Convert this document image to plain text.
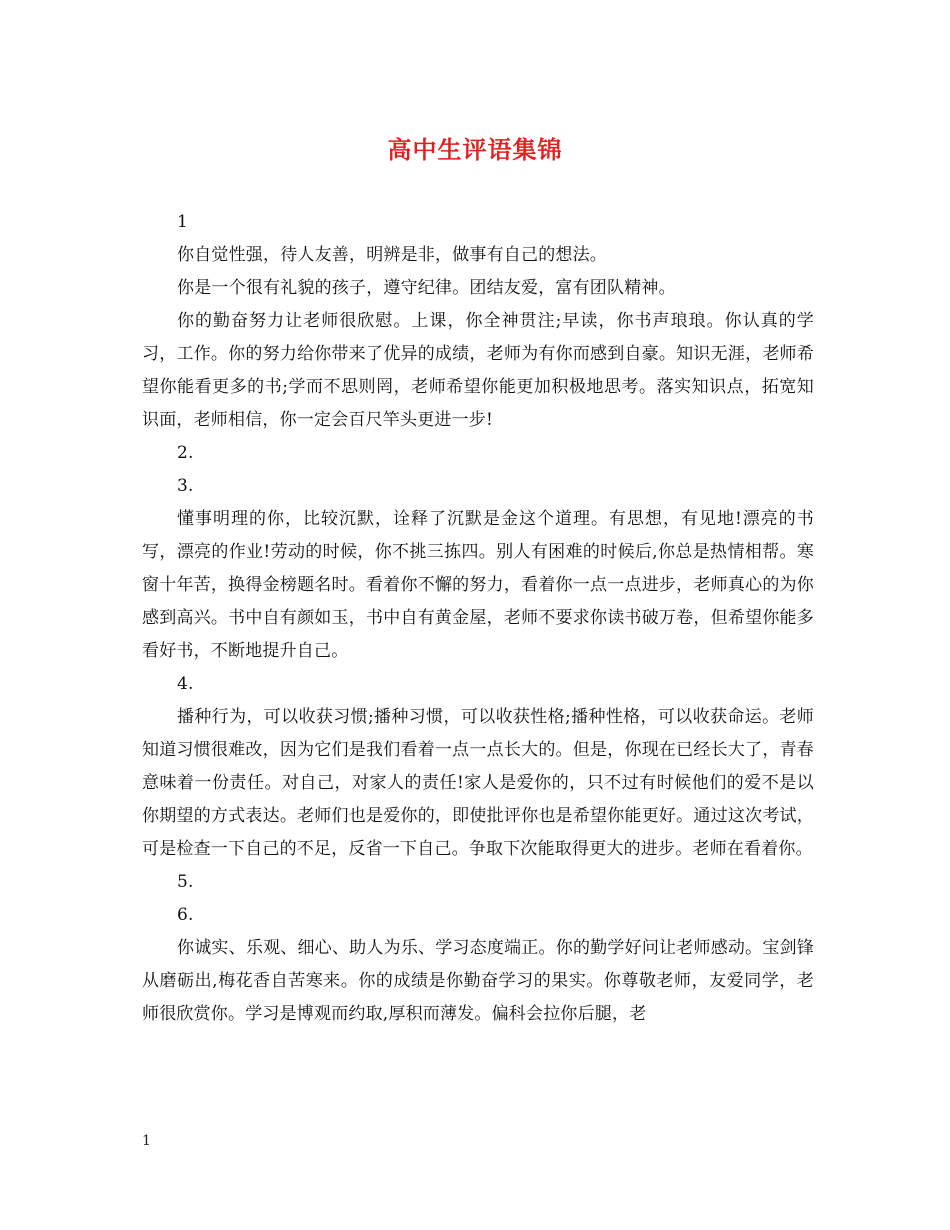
高中生评语集锦

1

你自觉性强，待人友善，明辨是非，做事有自己的想法。

你是一个很有礼貌的孩子，遵守纪律。团结友爱，富有团队精神。

你的勤奋努力让老师很欣慰。上课，你全神贯注;早读，你书声琅琅。你认真的学习，工作。你的努力给你带来了优异的成绩，老师为有你而感到自豪。知识无涯，老师希望你能看更多的书;学而不思则罔，老师希望你能更加积极地思考。落实知识点，拓宽知识面，老师相信，你一定会百尺竿头更进一步!

2.

3.

懂事明理的你，比较沉默，诠释了沉默是金这个道理。有思想，有见地!漂亮的书写，漂亮的作业!劳动的时候，你不挑三拣四。别人有困难的时候后,你总是热情相帮。寒窗十年苦，换得金榜题名时。看着你不懈的努力，看着你一点一点进步，老师真心的为你感到高兴。书中自有颜如玉，书中自有黄金屋，老师不要求你读书破万卷，但希望你能多看好书，不断地提升自己。

4.

播种行为，可以收获习惯;播种习惯，可以收获性格;播种性格，可以收获命运。老师知道习惯很难改，因为它们是我们看着一点一点长大的。但是，你现在已经长大了，青春意味着一份责任。对自己，对家人的责任!家人是爱你的，只不过有时候他们的爱不是以你期望的方式表达。老师们也是爱你的，即使批评你也是希望你能更好。通过这次考试，可是检查一下自己的不足，反省一下自己。争取下次能取得更大的进步。老师在看着你。

5.

6.

你诚实、乐观、细心、助人为乐、学习态度端正。你的勤学好问让老师感动。宝剑锋从磨砺出,梅花香自苦寒来。你的成绩是你勤奋学习的果实。你尊敬老师，友爱同学，老师很欣赏你。学习是博观而约取,厚积而薄发。偏科会拉你后腿，老

1
